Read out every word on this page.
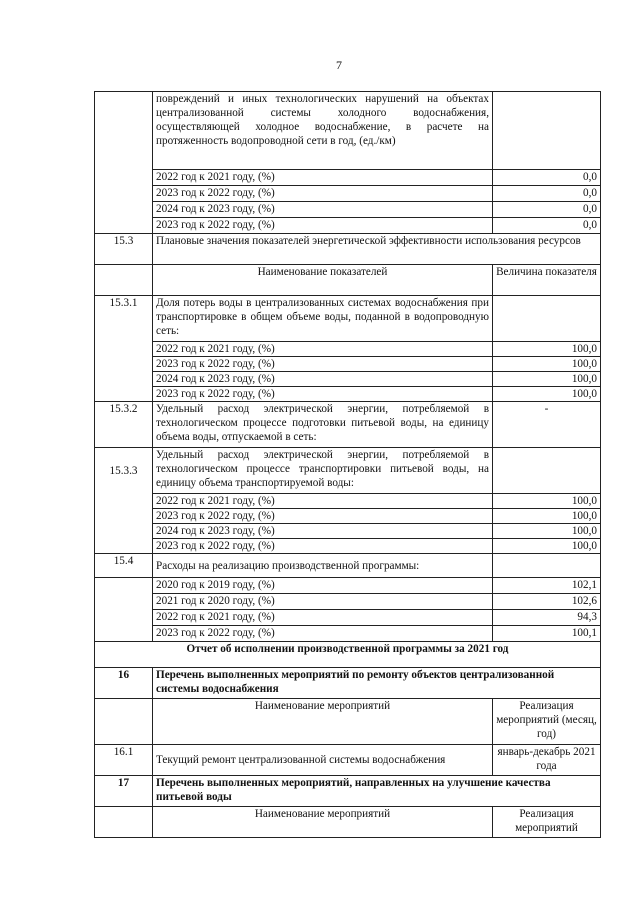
7
	повреждений и иных технологических нарушений на объектах централизованной системы холодного водоснабжения, осуществляющей холодное водоснабжение, в расчете на протяженность водопроводной сети в год, (ед./км)	
	2022 год к 2021 году, (%)	0,0
	2023 год к 2022 году, (%)	0,0
	2024 год к 2023 году, (%)	0,0
	2023 год к 2022 году, (%)	0,0
15.3	Плановые значения показателей энергетической эффективности использования ресурсов	
	Наименование показателей	Величина показателя
15.3.1	Доля потерь воды в централизованных системах водоснабжения при транспортировке в общем объеме воды, поданной в водопроводную сеть:	
	2022 год к 2021 году, (%)	100,0
	2023 год к 2022 году, (%)	100,0
	2024 год к 2023 году, (%)	100,0
	2023 год к 2022 году, (%)	100,0
15.3.2	Удельный расход электрической энергии, потребляемой в технологическом процессе подготовки питьевой воды, на единицу объема воды, отпускаемой в сеть:	-
15.3.3	Удельный расход электрической энергии, потребляемой в технологическом процессе транспортировки питьевой воды, на единицу объема транспортируемой воды:	
	2022 год к 2021 году, (%)	100,0
	2023 год к 2022 году, (%)	100,0
	2024 год к 2023 году, (%)	100,0
	2023 год к 2022 году, (%)	100,0
15.4	Расходы на реализацию производственной программы:	
	2020 год к 2019 году, (%)	102,1
	2021 год к 2020 году, (%)	102,6
	2022 год к 2021 году, (%)	94,3
	2023 год к 2022 году, (%)	100,1
Отчет об исполнении производственной программы за 2021 год		
16	Перечень выполненных мероприятий по ремонту объектов централизованной системы водоснабжения	
	Наименование мероприятий	Реализация мероприятий (месяц, год)
16.1	Текущий ремонт централизованной системы водоснабжения	январь-декабрь 2021 года
17	Перечень выполненных мероприятий, направленных на улучшение качества питьевой воды	
	Наименование мероприятий	Реализация мероприятий
